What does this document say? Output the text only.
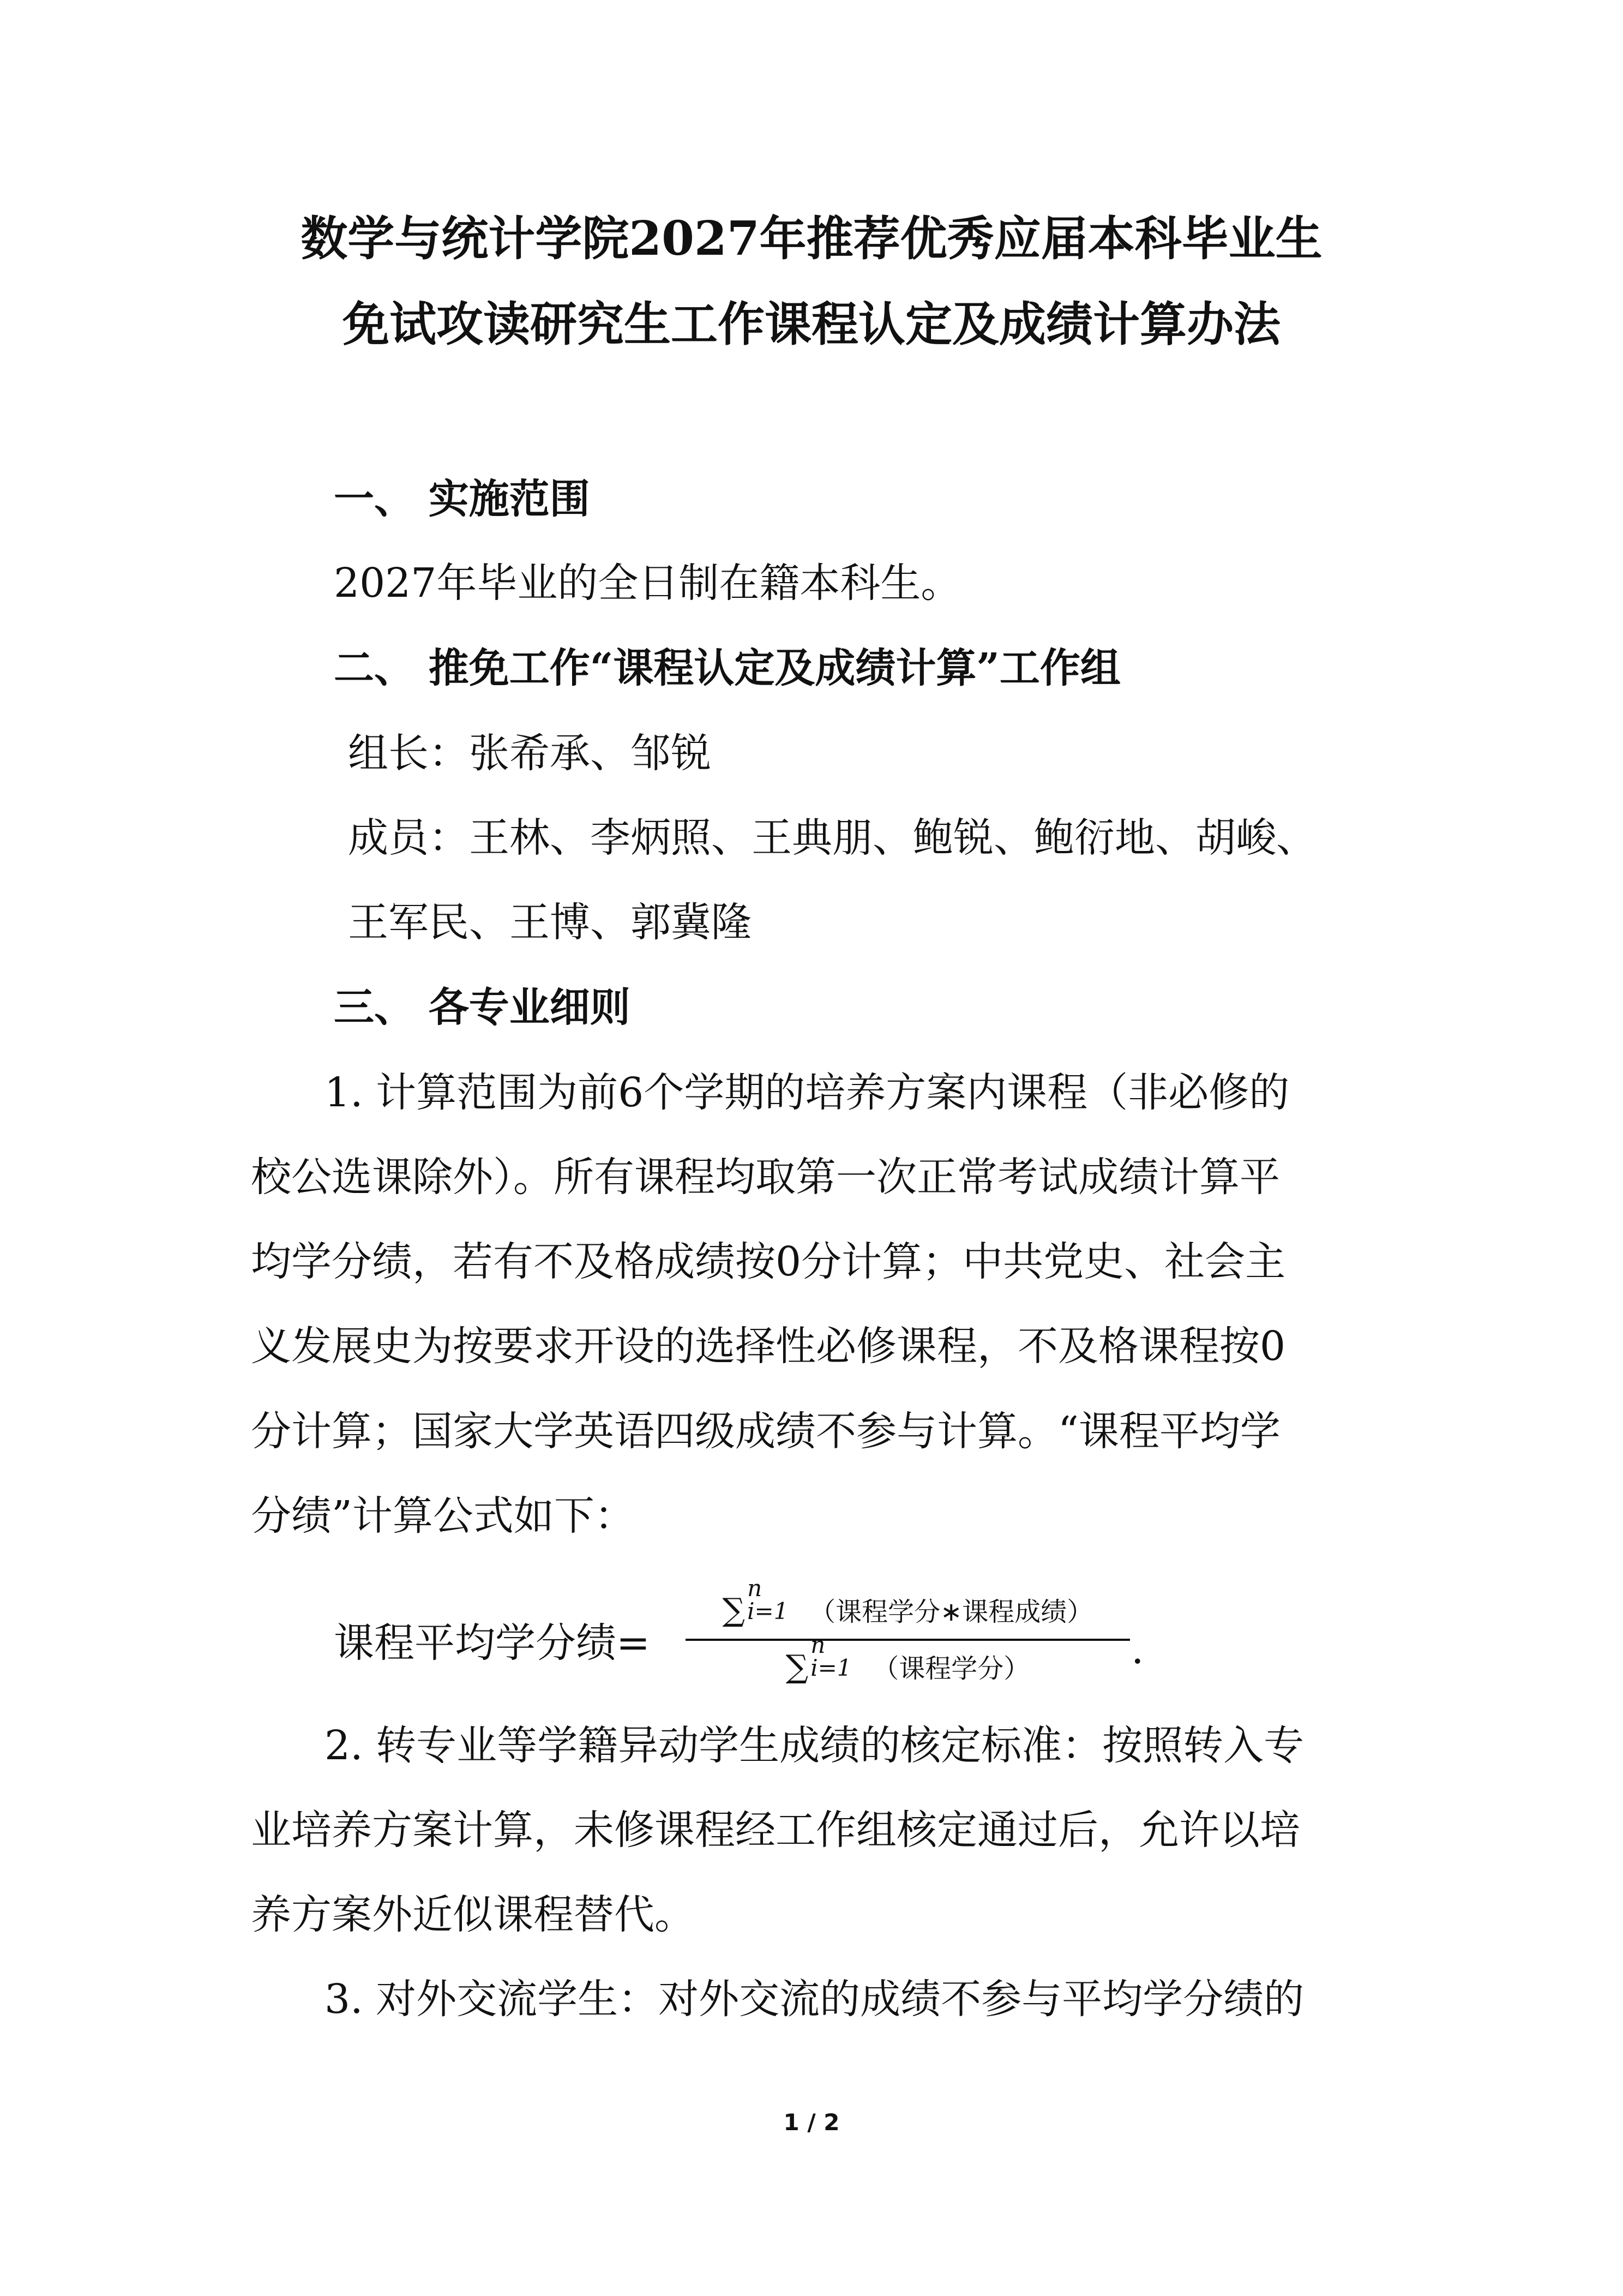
数学与统计学院2027年推荐优秀应届本科毕业生
免试攻读研究生工作课程认定及成绩计算办法
一、 实施范围
2027年毕业的全日制在籍本科生。
二、 推免工作“课程认定及成绩计算”工作组
组长：张希承、邹锐
成员：王林、李炳照、王典朋、鲍锐、鲍衍地、胡峻、
王军民、王博、郭冀隆
三、 各专业细则
1. 计算范围为前6个学期的培养方案内课程（非必修的
校公选课除外）。所有课程均取第一次正常考试成绩计算平
均学分绩，若有不及格成绩按0分计算；中共党史、社会主
义发展史为按要求开设的选择性必修课程，不及格课程按0
分计算；国家大学英语四级成绩不参与计算。“课程平均学
分绩”计算公式如下：
课程平均学分绩=
∑
n
i=1 （课程学分∗课程成绩）
∑
n
i=1 （课程学分）	.
2. 转专业等学籍异动学生成绩的核定标准：按照转入专
业培养方案计算，未修课程经工作组核定通过后，允许以培
养方案外近似课程替代。
3. 对外交流学生：对外交流的成绩不参与平均学分绩的
1 / 2
